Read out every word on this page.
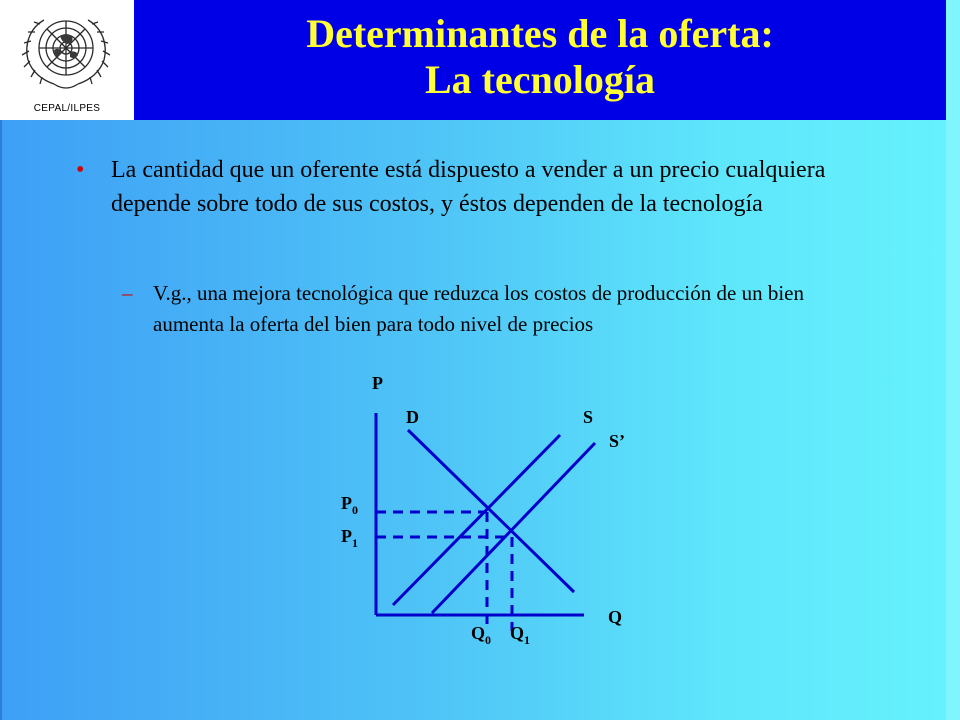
CEPAL/ILPES
Determinantes de la oferta:
La tecnología
• La cantidad que un oferente está dispuesto a vender a un precio cualquiera depende sobre todo de sus costos, y éstos dependen de la tecnología
– V.g., una mejora tecnológica que reduzca los costos de producción de un bien aumenta la oferta del bien para todo nivel de precios
P
Q
D	S
S’
$P_0$
$P_1$
$Q_0$ $Q_1$
